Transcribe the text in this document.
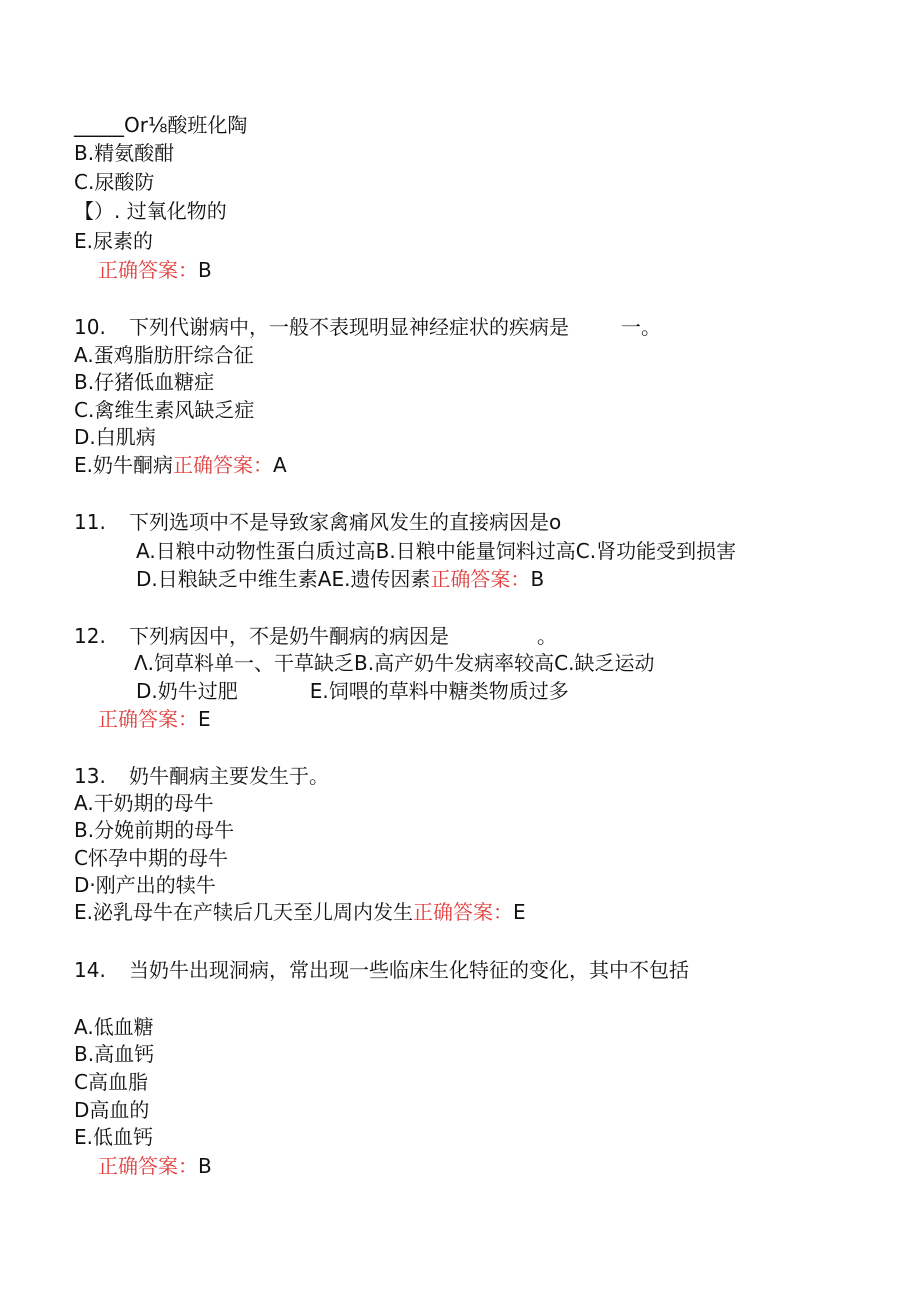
_____Or⅛酸班化陶
B.精氨酸酣
C.尿酸防
【）. 过氧化物的
E.尿素的
正确答案：B
10. 下列代谢病中，一般不表现明显神经症状的疾病是	一。
A.蛋鸡脂肪肝综合征
B.仔猪低血糖症
C.禽维生素风缺乏症
D.白肌病
E.奶牛酮病正确答案：A
11. 下列选项中不是导致家禽痛风发生的直接病因是o
A.日粮中动物性蛋白质过高B.日粮中能量饲料过高C.肾功能受到损害
D.日粮缺乏中维生素AE.遗传因素正确答案：B
12. 下列病因中，不是奶牛酮病的病因是	。
Λ.饲草料单一、干草缺乏B.高产奶牛发病率较高C.缺乏运动
D.奶牛过肥	E.饲喂的草料中糖类物质过多
正确答案：E
13. 奶牛酮病主要发生于。
A.干奶期的母牛
B.分娩前期的母牛
C怀孕中期的母牛
D·刚产出的犊牛
E.泌乳母牛在产犊后几天至儿周内发生正确答案：E
14. 当奶牛出现洞病，常出现一些临床生化特征的变化，其中不包括
A.低血糖
B.高血钙
C高血脂
D高血的
E.低血钙
正确答案：B
